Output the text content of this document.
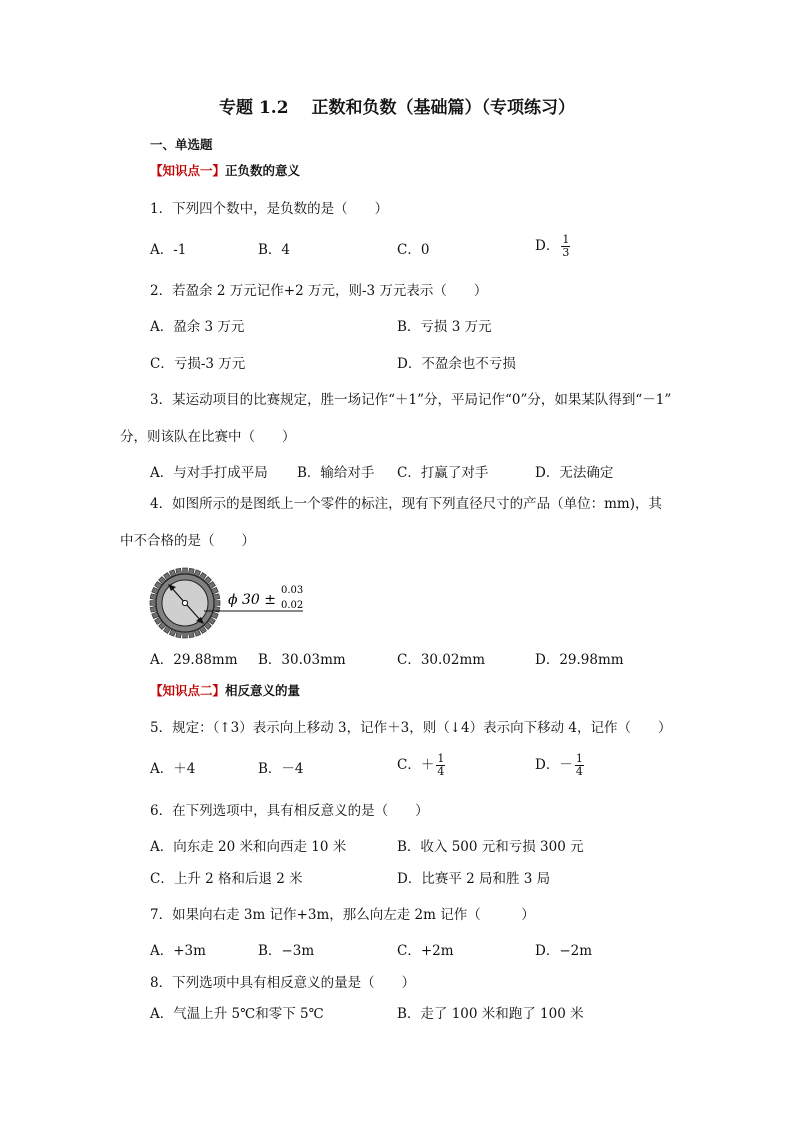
专题 1.2　 正数和负数（基础篇）（专项练习）
一、单选题
【知识点一】正负数的意义
1．下列四个数中，是负数的是（　　）
A．-1	B．4	C．0	D． $\frac{1}{3}$
2．若盈余 2 万元记作+2 万元，则-3 万元表示（　　）
A．盈余 3 万元	B．亏损 3 万元
C．亏损-3 万元	D．不盈余也不亏损
3．某运动项目的比赛规定，胜一场记作“＋1”分，平局记作“0”分，如果某队得到“－1”
分，则该队在比赛中（　　）
A．与对手打成平局 B．输给对手 C．打赢了对手	D．无法确定
4．如图所示的是图纸上一个零件的标注，现有下列直径尺寸的产品（单位：mm)，其
中不合格的是（　　）
ϕ 30 ±
0.03
0.02
A．29.88mm B．30.03mm	C．30.02mm	D．29.98mm
【知识点二】相反意义的量
5．规定：（↑3）表示向上移动 3，记作＋3，则（↓4）表示向下移动 4，记作（　　）
A．＋4	B．－4	C．＋ $\frac{1}{4}$	D．－ $\frac{1}{4}$
6．在下列选项中，具有相反意义的是（　　）
A．向东走 20 米和向西走 10 米	B．收入 500 元和亏损 300 元
C．上升 2 格和后退 2 米	D．比赛平 2 局和胜 3 局
7．如果向右走 3m 记作+3m，那么向左走 2m 记作（　　　）
A．+3m	B．−3m	C．+2m	D．−2m
8．下列选项中具有相反意义的量是（　　）
A．气温上升 5℃和零下 5℃	B．走了 100 米和跑了 100 米
